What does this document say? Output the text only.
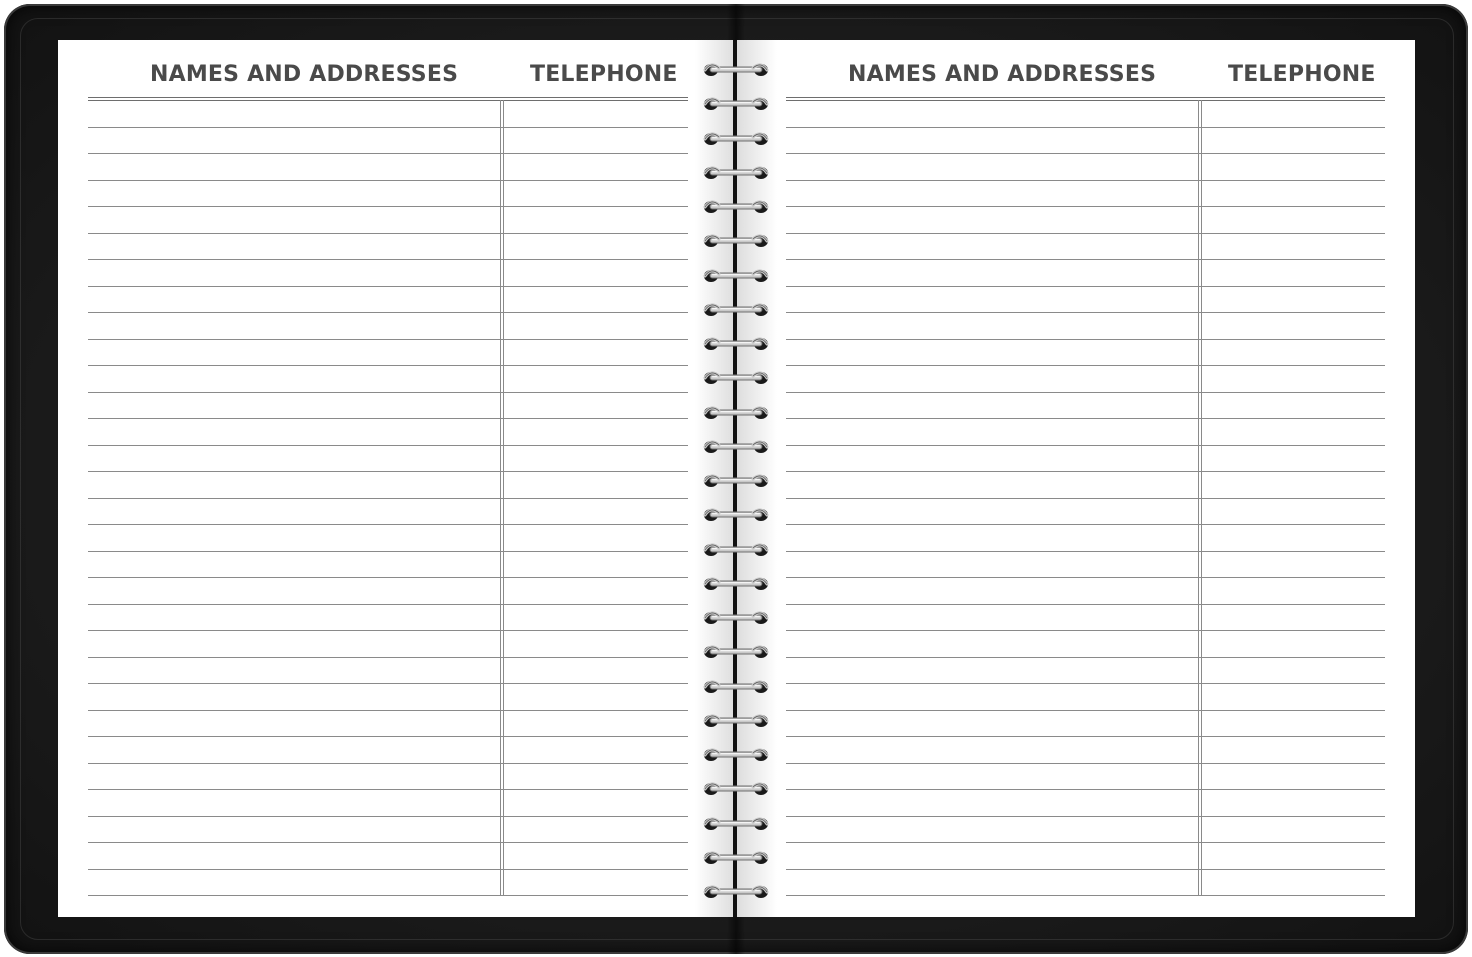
NAMES AND ADDRESSES	TELEPHONE	NAMES AND ADDRESSES	TELEPHONE
